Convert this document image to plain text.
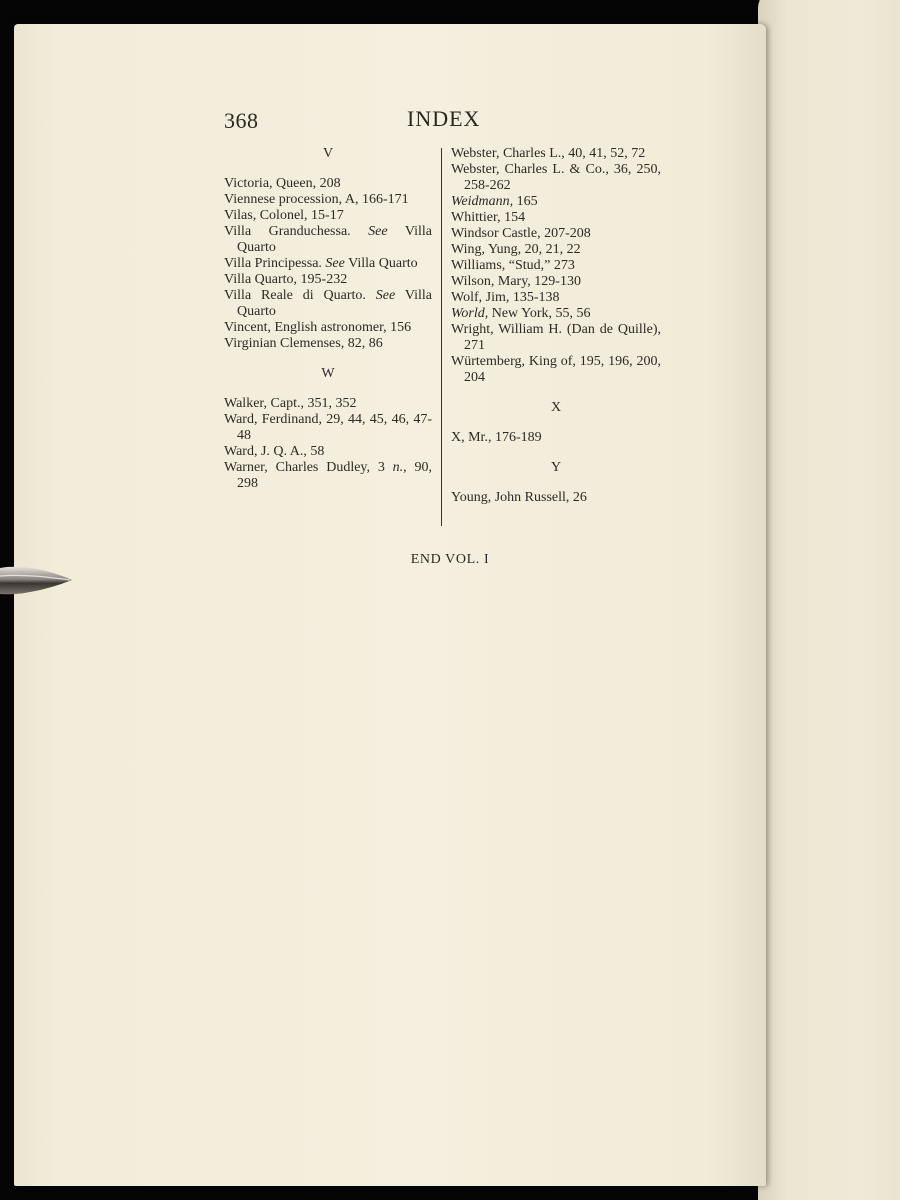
368	INDEX
V
Victoria, Queen, 208
Viennese procession, A, 166-171
Vilas, Colonel, 15-17
Villa Granduchessa. See Villa Quarto
Villa Principessa. See Villa Quarto
Villa Quarto, 195-232
Villa Reale di Quarto. See Villa Quarto
Vincent, English astronomer, 156
Virginian Clemenses, 82, 86
W
Walker, Capt., 351, 352
Ward, Ferdinand, 29, 44, 45, 46, 47-48
Ward, J. Q. A., 58
Warner, Charles Dudley, 3 n., 90, 298
Webster, Charles L., 40, 41, 52, 72
Webster, Charles L. & Co., 36, 250, 258-262
Weidmann, 165
Whittier, 154
Windsor Castle, 207-208
Wing, Yung, 20, 21, 22
Williams, “Stud,” 273
Wilson, Mary, 129-130
Wolf, Jim, 135-138
World, New York, 55, 56
Wright, William H. (Dan de Quille), 271
Würtemberg, King of, 195, 196, 200, 204
X
X, Mr., 176-189
Y
Young, John Russell, 26
END VOL. I
